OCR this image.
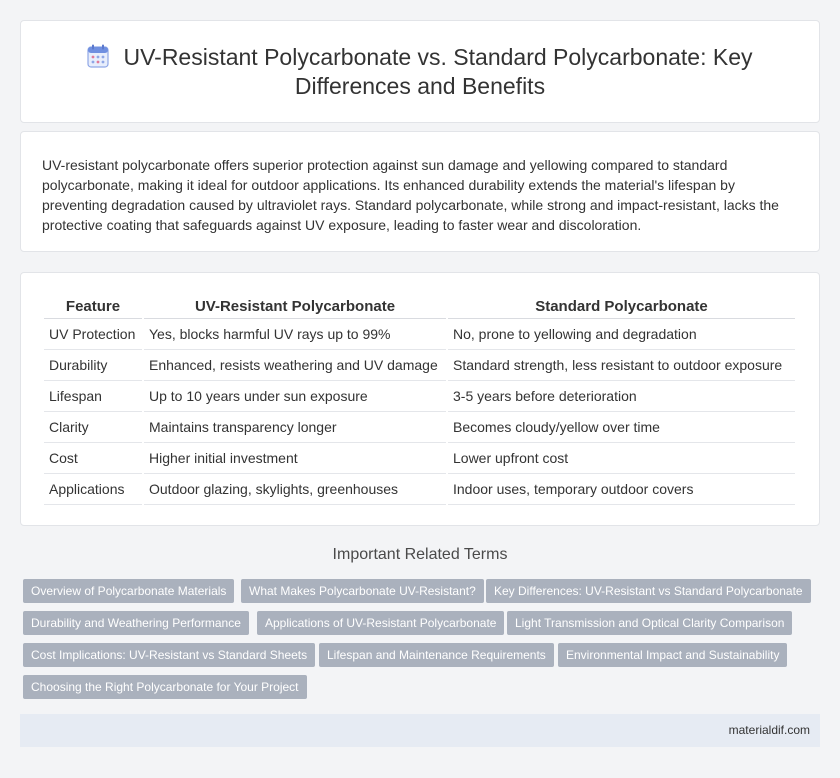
UV-Resistant Polycarbonate vs. Standard Polycarbonate: Key
Differences and Benefits
UV-resistant polycarbonate offers superior protection against sun damage and yellowing compared to standard polycarbonate, making it ideal for outdoor applications. Its enhanced durability extends the material's lifespan by preventing degradation caused by ultraviolet rays. Standard polycarbonate, while strong and impact-resistant, lacks the protective coating that safeguards against UV exposure, leading to faster wear and discoloration.
Feature	UV-Resistant Polycarbonate	Standard Polycarbonate
UV Protection	Yes, blocks harmful UV rays up to 99%	No, prone to yellowing and degradation
Durability	Enhanced, resists weathering and UV damage	Standard strength, less resistant to outdoor exposure
Lifespan	Up to 10 years under sun exposure	3-5 years before deterioration
Clarity	Maintains transparency longer	Becomes cloudy/yellow over time
Cost	Higher initial investment	Lower upfront cost
Applications	Outdoor glazing, skylights, greenhouses	Indoor uses, temporary outdoor covers
Important Related Terms
Overview of Polycarbonate Materials	What Makes Polycarbonate UV-Resistant?	Key Differences: UV-Resistant vs Standard Polycarbonate
Durability and Weathering Performance	Applications of UV-Resistant Polycarbonate	Light Transmission and Optical Clarity Comparison
Cost Implications: UV-Resistant vs Standard Sheets	Lifespan and Maintenance Requirements	Environmental Impact and Sustainability
Choosing the Right Polycarbonate for Your Project
materialdif.com
